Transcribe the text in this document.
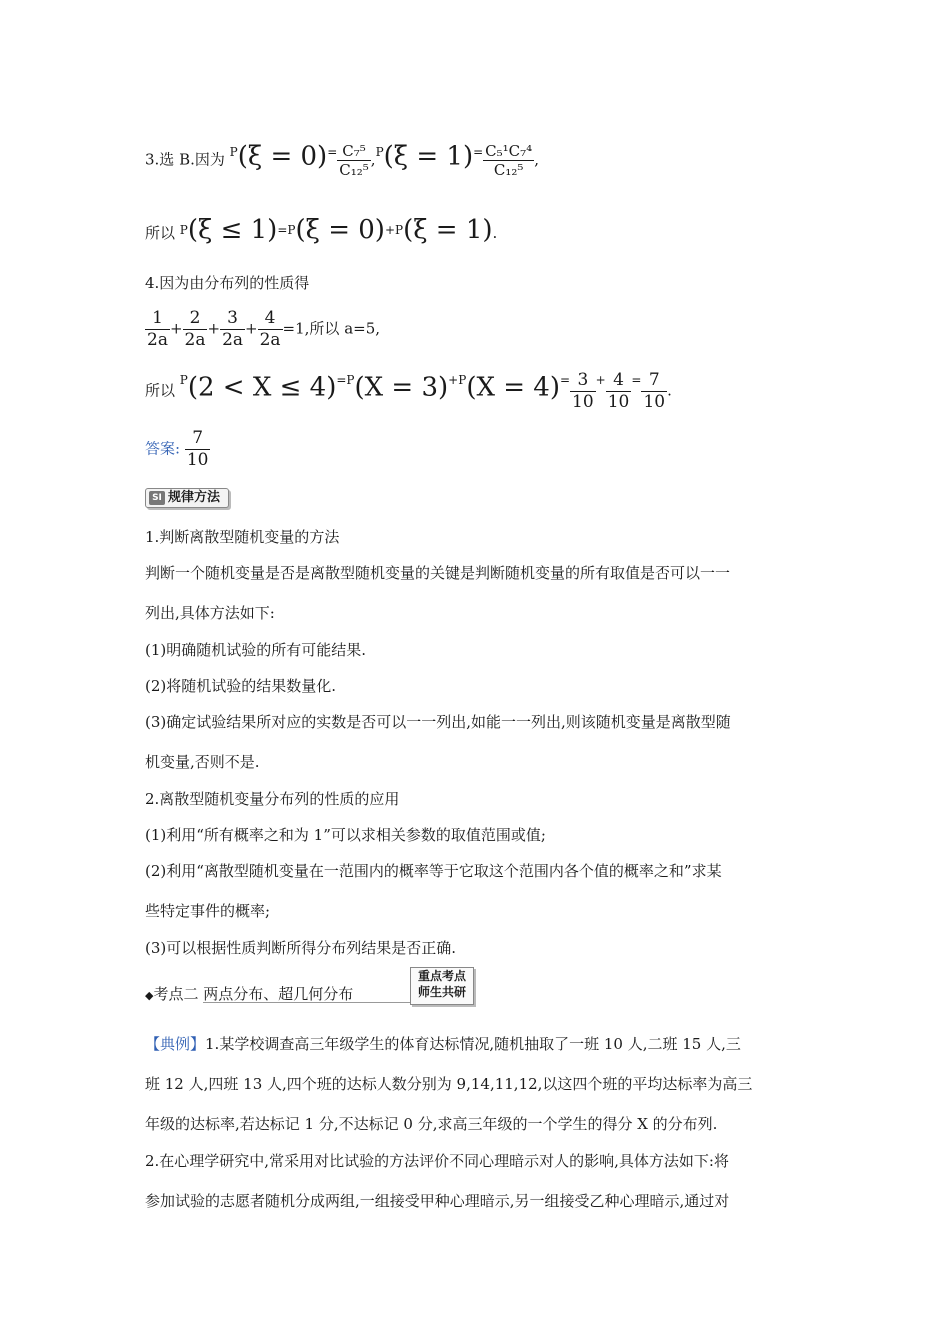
3.选 B.因为 $^P(\xi = 0)^= \frac{\text{C₇⁵}}{\text{C₁₂⁵}} ,^P(\xi = 1)^= \frac{\text{C₅¹C₇⁴}}{\text{C₁₂⁵}}$ ,
所以 $^P$(ξ ≤ 1)$^{=P}$(ξ = 0)$^{+P}$(ξ = 1).
4.因为由分布列的性质得
$\frac{1}{2a} + \frac{2}{2a} + \frac{3}{2a} + \frac{4}{2a} =1$,所以 a=5,
所以 $^P(2 < X \le 4)^{=P}(X = 3)^{+P}(X = 4)^= \frac{3}{10} ^+ \frac{4}{10} ^= \frac{7}{10}$ .
答案: $\frac{7}{10}$
SI 规律方法
1.判断离散型随机变量的方法
判断一个随机变量是否是离散型随机变量的关键是判断随机变量的所有取值是否可以一一
列出,具体方法如下:
(1)明确随机试验的所有可能结果.
(2)将随机试验的结果数量化.
(3)确定试验结果所对应的实数是否可以一一列出,如能一一列出,则该随机变量是离散型随
机变量,否则不是.
2.离散型随机变量分布列的性质的应用
(1)利用“所有概率之和为 1”可以求相关参数的取值范围或值;
(2)利用“离散型随机变量在一范围内的概率等于它取这个范围内各个值的概率之和”求某
些特定事件的概率;
(3)可以根据性质判断所得分布列结果是否正确.
◆考点二 两点分布、超几何分布
重点考点
师生共研
【典例】1.某学校调查高三年级学生的体育达标情况,随机抽取了一班 10 人,二班 15 人,三
班 12 人,四班 13 人,四个班的达标人数分别为 9,14,11,12,以这四个班的平均达标率为高三
年级的达标率,若达标记 1 分,不达标记 0 分,求高三年级的一个学生的得分 X 的分布列.
2.在心理学研究中,常采用对比试验的方法评价不同心理暗示对人的影响,具体方法如下:将
参加试验的志愿者随机分成两组,一组接受甲种心理暗示,另一组接受乙种心理暗示,通过对
